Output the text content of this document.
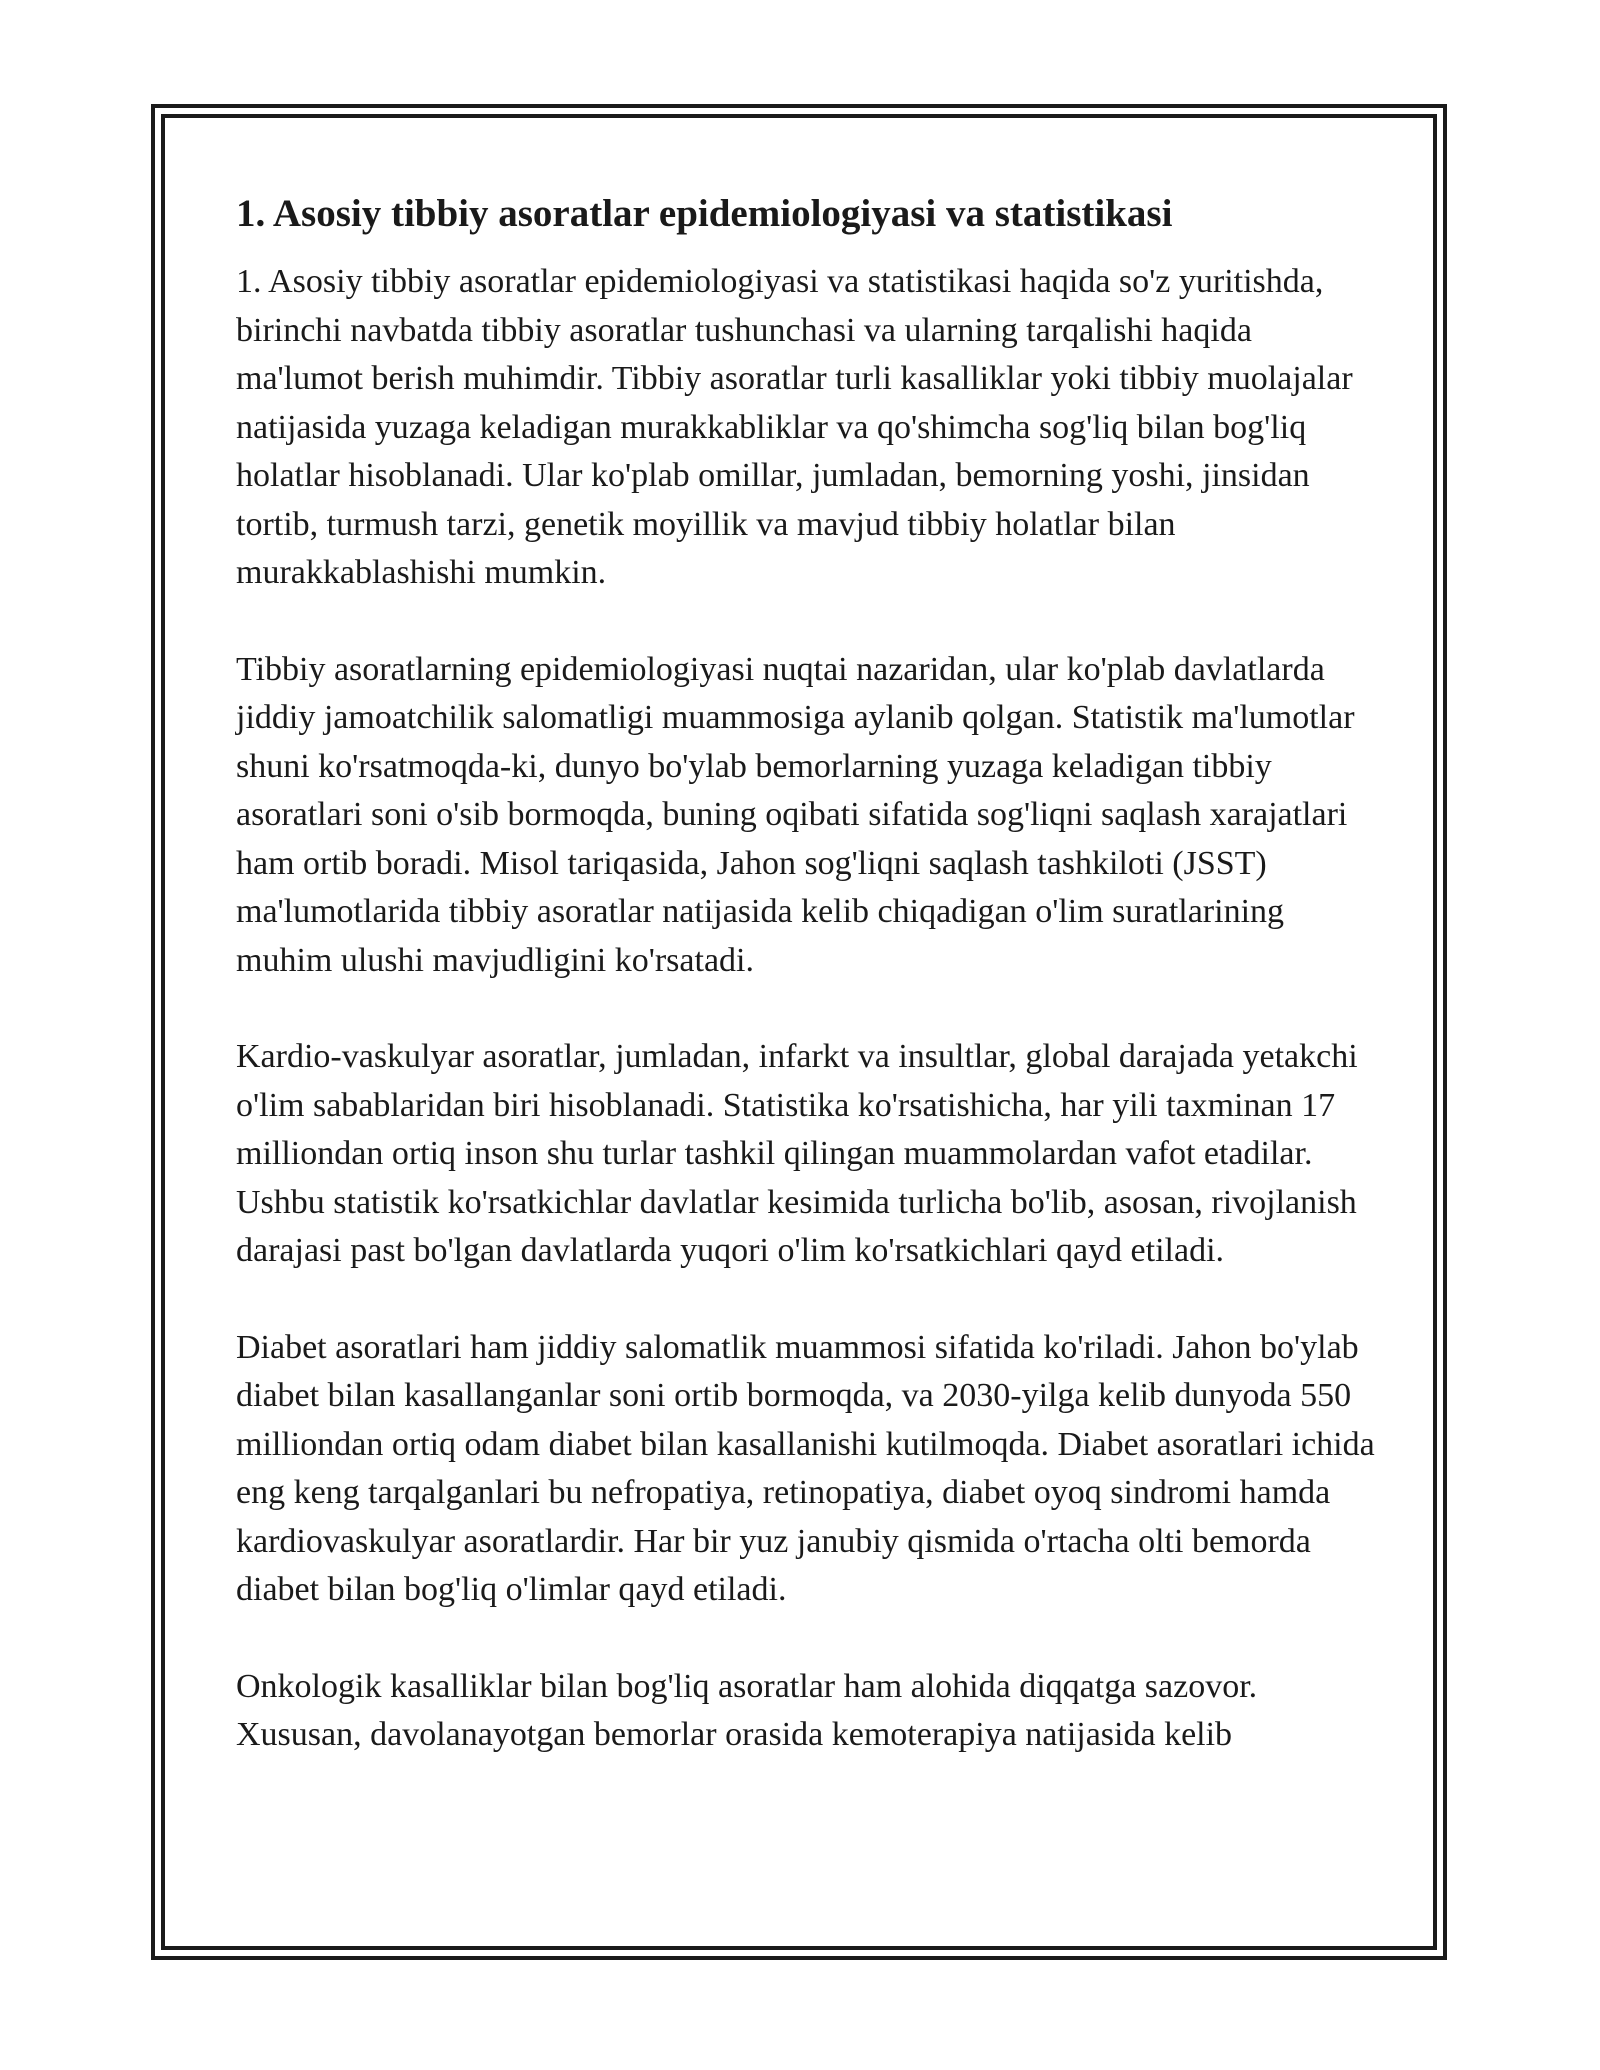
1. Asosiy tibbiy asoratlar epidemiologiyasi va statistikasi

1. Asosiy tibbiy asoratlar epidemiologiyasi va statistikasi haqida so'z yuritishda, birinchi navbatda tibbiy asoratlar tushunchasi va ularning tarqalishi haqida ma'lumot berish muhimdir. Tibbiy asoratlar turli kasalliklar yoki tibbiy muolajalar natijasida yuzaga keladigan murakkabliklar va qo'shimcha sog'liq bilan bog'liq holatlar hisoblanadi. Ular ko'plab omillar, jumladan, bemorning yoshi, jinsidan tortib, turmush tarzi, genetik moyillik va mavjud tibbiy holatlar bilan murakkablashishi mumkin.

Tibbiy asoratlarning epidemiologiyasi nuqtai nazaridan, ular ko'plab davlatlarda jiddiy jamoatchilik salomatligi muammosiga aylanib qolgan. Statistik ma'lumotlar shuni ko'rsatmoqda-ki, dunyo bo'ylab bemorlarning yuzaga keladigan tibbiy asoratlari soni o'sib bormoqda, buning oqibati sifatida sog'liqni saqlash xarajatlari ham ortib boradi. Misol tariqasida, Jahon sog'liqni saqlash tashkiloti (JSST) ma'lumotlarida tibbiy asoratlar natijasida kelib chiqadigan o'lim suratlarining muhim ulushi mavjudligini ko'rsatadi.

Kardio-vaskulyar asoratlar, jumladan, infarkt va insultlar, global darajada yetakchi o'lim sabablaridan biri hisoblanadi. Statistika ko'rsatishicha, har yili taxminan 17 milliondan ortiq inson shu turlar tashkil qilingan muammolardan vafot etadilar. Ushbu statistik ko'rsatkichlar davlatlar kesimida turlicha bo'lib, asosan, rivojlanish darajasi past bo'lgan davlatlarda yuqori o'lim ko'rsatkichlari qayd etiladi.

Diabet asoratlari ham jiddiy salomatlik muammosi sifatida ko'riladi. Jahon bo'ylab diabet bilan kasallanganlar soni ortib bormoqda, va 2030-yilga kelib dunyoda 550 milliondan ortiq odam diabet bilan kasallanishi kutilmoqda. Diabet asoratlari ichida eng keng tarqalganlari bu nefropatiya, retinopatiya, diabet oyoq sindromi hamda kardiovaskulyar asoratlardir. Har bir yuz janubiy qismida o'rtacha olti bemorda diabet bilan bog'liq o'limlar qayd etiladi.

Onkologik kasalliklar bilan bog'liq asoratlar ham alohida diqqatga sazovor. Xususan, davolanayotgan bemorlar orasida kemoterapiya natijasida kelib
